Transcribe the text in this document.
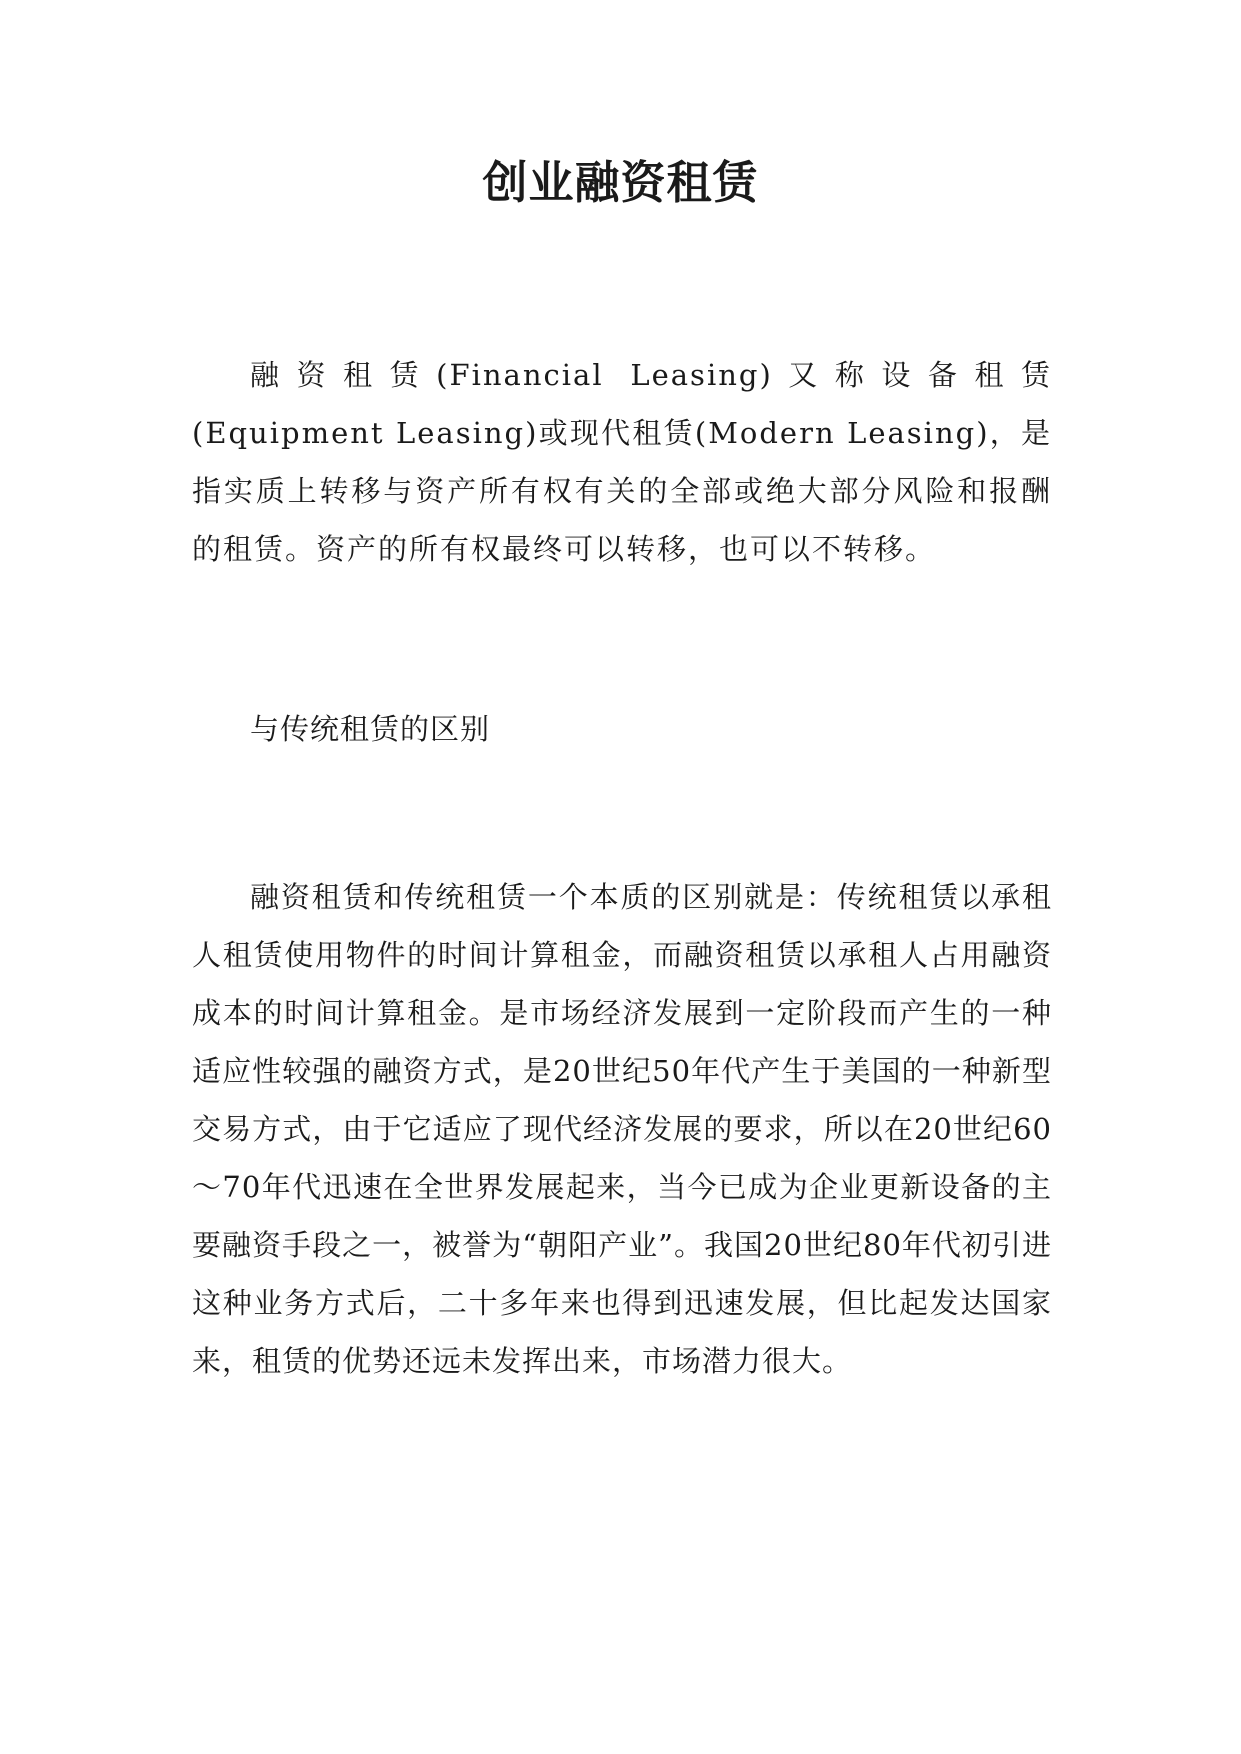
创业融资租赁

融资租赁(Financial Leasing)又称设备租赁(Equipment Leasing)或现代租赁(Modern Leasing)，是指实质上转移与资产所有权有关的全部或绝大部分风险和报酬的租赁。资产的所有权最终可以转移，也可以不转移。

与传统租赁的区别

融资租赁和传统租赁一个本质的区别就是：传统租赁以承租人租赁使用物件的时间计算租金，而融资租赁以承租人占用融资成本的时间计算租金。是市场经济发展到一定阶段而产生的一种适应性较强的融资方式，是20世纪50年代产生于美国的一种新型交易方式，由于它适应了现代经济发展的要求，所以在20世纪60～70年代迅速在全世界发展起来，当今已成为企业更新设备的主要融资手段之一，被誉为“朝阳产业”。我国20世纪80年代初引进这种业务方式后，二十多年来也得到迅速发展，但比起发达国家来，租赁的优势还远未发挥出来，市场潜力很大。
